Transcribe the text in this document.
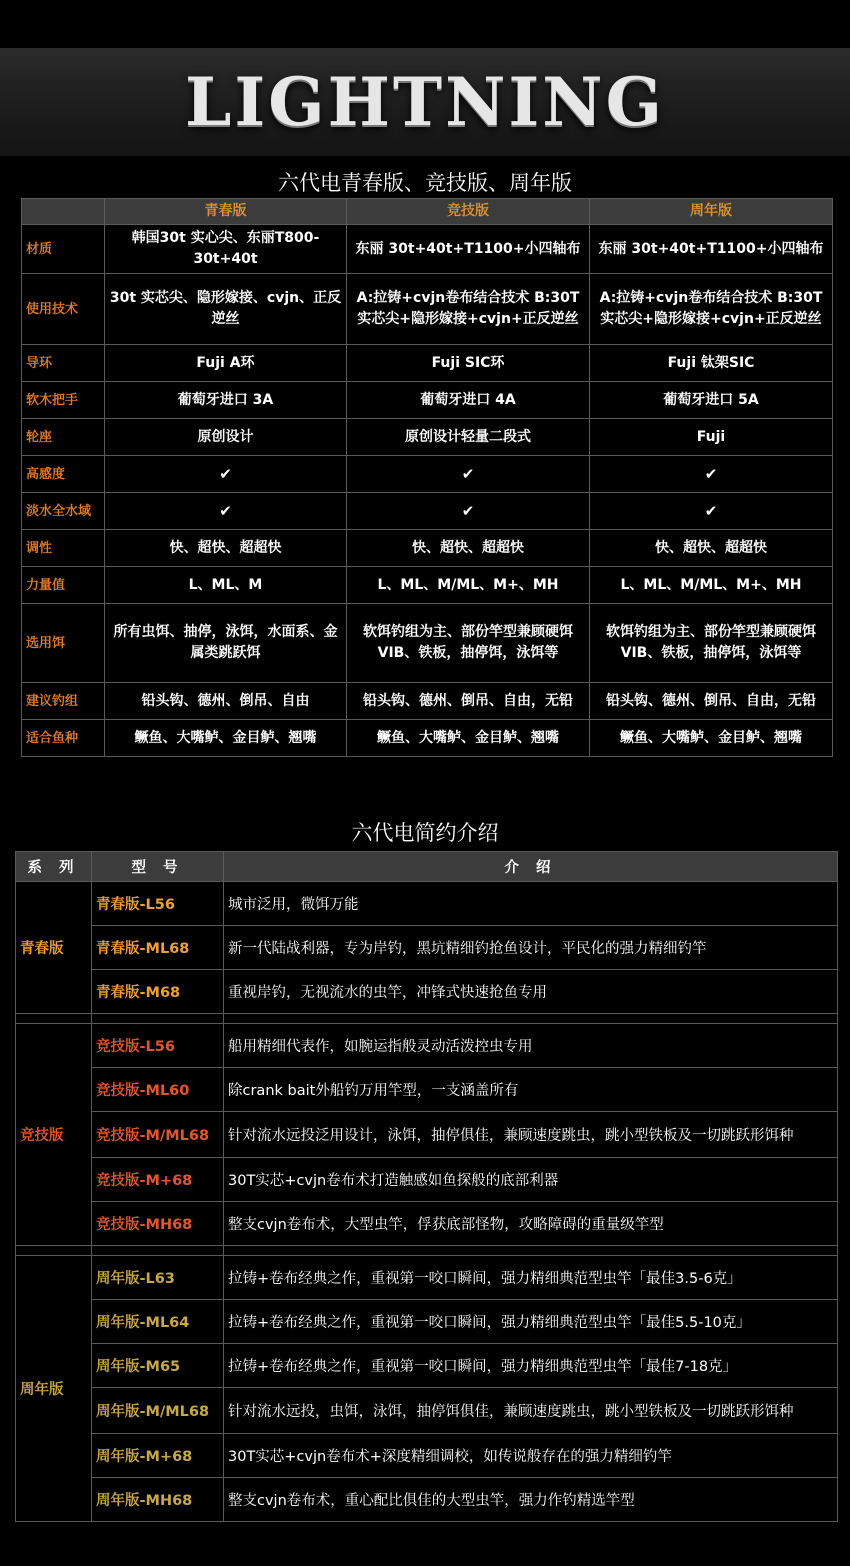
LIGHTNING
六代电青春版、竞技版、周年版
	青春版	竞技版	周年版
材质	韩国30t 实心尖、东丽T800-30t+40t	东丽 30t+40t+T1100+小四轴布	东丽 30t+40t+T1100+小四轴布
使用技术	30t 实芯尖、隐形嫁接、cvjn、正反逆丝	A:拉铸+cvjn卷布结合技术 B:30T实芯尖+隐形嫁接+cvjn+正反逆丝	A:拉铸+cvjn卷布结合技术 B:30T实芯尖+隐形嫁接+cvjn+正反逆丝
导环	Fuji A环	Fuji SIC环	Fuji 钛架SIC
软木把手	葡萄牙进口 3A	葡萄牙进口 4A	葡萄牙进口 5A
轮座	原创设计	原创设计轻量二段式	Fuji
高感度	✔	✔	✔
淡水全水域	✔	✔	✔
调性	快、超快、超超快	快、超快、超超快	快、超快、超超快
力量值	L、ML、M	L、ML、M/ML、M+、MH	L、ML、M/ML、M+、MH
选用饵	所有虫饵、抽停，泳饵，水面系、金属类跳跃饵	软饵钓组为主、部份竿型兼顾硬饵VIB、铁板，抽停饵，泳饵等	软饵钓组为主、部份竿型兼顾硬饵VIB、铁板，抽停饵，泳饵等
建议钓组	铅头钩、德州、倒吊、自由	铅头钩、德州、倒吊、自由，无铅	铅头钩、德州、倒吊、自由，无铅
适合鱼种	鳜鱼、大嘴鲈、金目鲈、翘嘴	鳜鱼、大嘴鲈、金目鲈、翘嘴	鳜鱼、大嘴鲈、金目鲈、翘嘴
六代电简约介绍
系 列	型 号	介 绍
青春版	青春版-L56	城市泛用，微饵万能
	青春版-ML68	新一代陆战利器，专为岸钓，黑坑精细钓抢鱼设计，平民化的强力精细钓竿
	青春版-M68	重视岸钓，无视流水的虫竿，冲锋式快速抢鱼专用

竞技版	竞技版-L56	船用精细代表作，如腕运指般灵动活泼控虫专用
	竞技版-ML60	除crank bait外船钓万用竿型，一支涵盖所有
	竞技版-M/ML68	针对流水远投泛用设计，泳饵，抽停俱佳，兼顾速度跳虫，跳小型铁板及一切跳跃形饵种
	竞技版-M+68	30T实芯+cvjn卷布术打造触感如鱼探般的底部利器
	竞技版-MH68	整支cvjn卷布术，大型虫竿，俘获底部怪物，攻略障碍的重量级竿型

周年版	周年版-L63	拉铸+卷布经典之作，重视第一咬口瞬间，强力精细典范型虫竿「最佳3.5-6克」
	周年版-ML64	拉铸+卷布经典之作，重视第一咬口瞬间，强力精细典范型虫竿「最佳5.5-10克」
	周年版-M65	拉铸+卷布经典之作，重视第一咬口瞬间，强力精细典范型虫竿「最佳7-18克」
	周年版-M/ML68	针对流水远投，虫饵，泳饵，抽停饵俱佳，兼顾速度跳虫，跳小型铁板及一切跳跃形饵种
	周年版-M+68	30T实芯+cvjn卷布术+深度精细调校，如传说般存在的强力精细钓竿
	周年版-MH68	整支cvjn卷布术，重心配比俱佳的大型虫竿，强力作钓精选竿型
